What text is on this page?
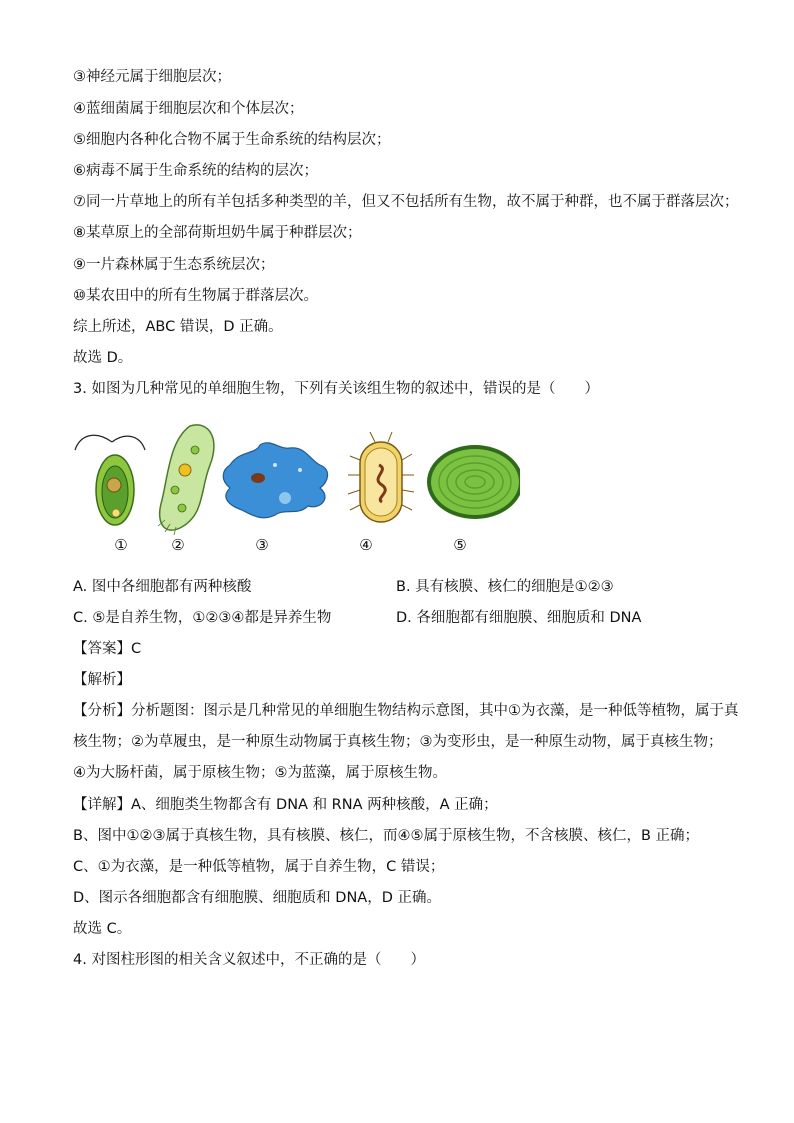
③神经元属于细胞层次；
④蓝细菌属于细胞层次和个体层次；
⑤细胞内各种化合物不属于生命系统的结构层次；
⑥病毒不属于生命系统的结构的层次；
⑦同一片草地上的所有羊包括多种类型的羊，但又不包括所有生物，故不属于种群，也不属于群落层次；
⑧某草原上的全部荷斯坦奶牛属于种群层次；
⑨一片森林属于生态系统层次；
⑩某农田中的所有生物属于群落层次。
综上所述，ABC 错误，D 正确。
故选 D。
3. 如图为几种常见的单细胞生物，下列有关该组生物的叙述中，错误的是（　　）
①	②	③	④	⑤
A. 图中各细胞都有两种核酸	B. 具有核膜、核仁的细胞是①②③
C. ⑤是自养生物，①②③④都是异养生物	D. 各细胞都有细胞膜、细胞质和 DNA
【答案】C
【解析】
【分析】分析题图：图示是几种常见的单细胞生物结构示意图，其中①为衣藻，是一种低等植物，属于真
核生物；②为草履虫，是一种原生动物属于真核生物；③为变形虫，是一种原生动物，属于真核生物；
④为大肠杆菌，属于原核生物；⑤为蓝藻，属于原核生物。
【详解】A、细胞类生物都含有 DNA 和 RNA 两种核酸，A 正确；
B、图中①②③属于真核生物，具有核膜、核仁，而④⑤属于原核生物，不含核膜、核仁，B 正确；
C、①为衣藻，是一种低等植物，属于自养生物，C 错误；
D、图示各细胞都含有细胞膜、细胞质和 DNA，D 正确。
故选 C。
4. 对图柱形图的相关含义叙述中，不正确的是（　　）
